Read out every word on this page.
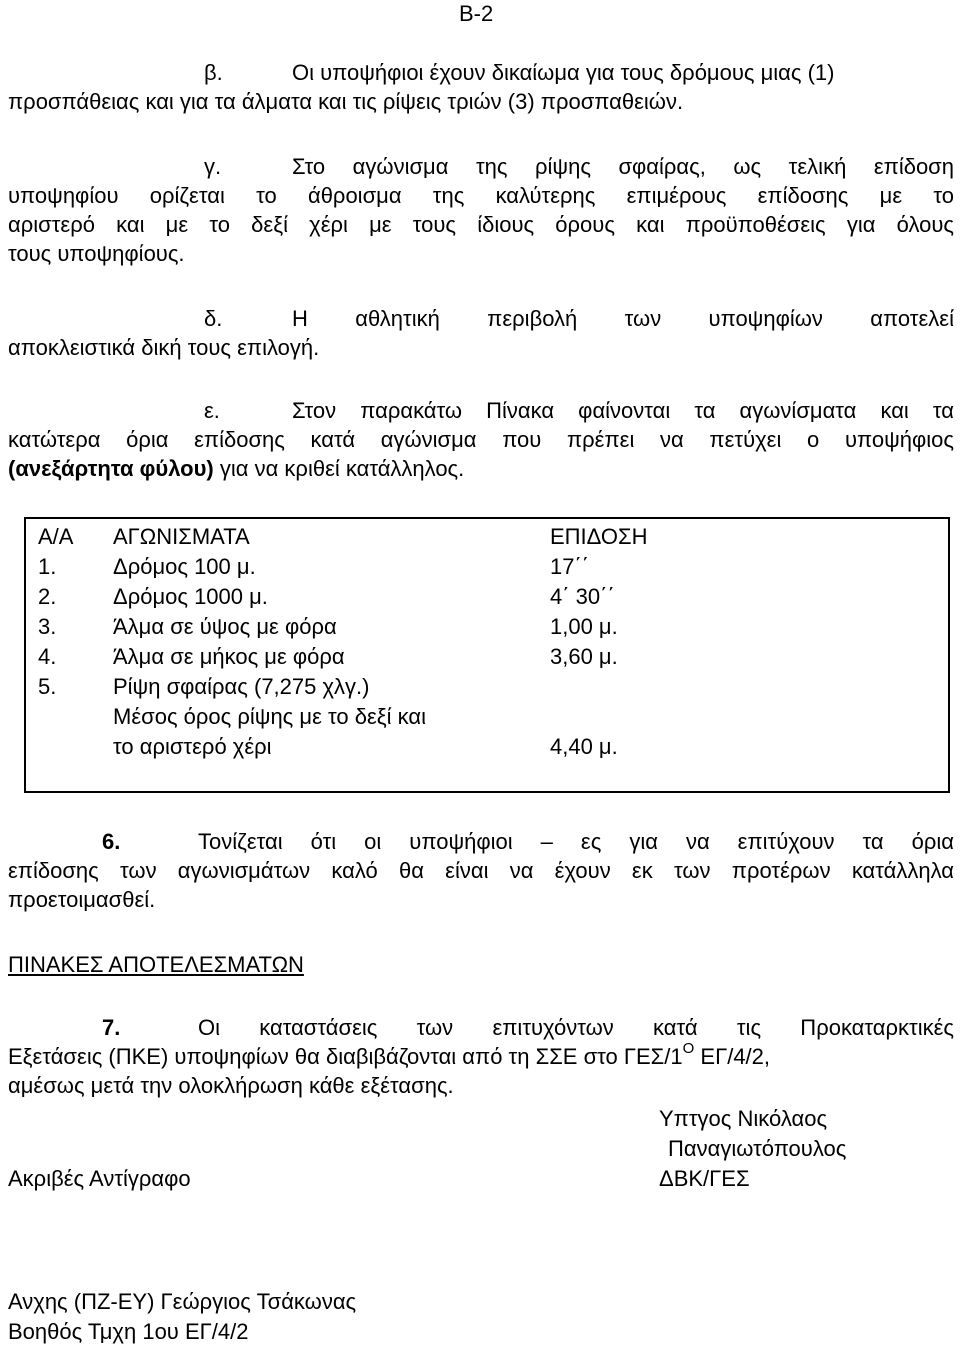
Β-2
β.	Οι υποψήφιοι έχουν δικαίωμα για τους δρόμους μιας (1)

προσπάθειας και για τα άλματα και τις ρίψεις τριών (3) προσπαθειών.
γ.	Στο αγώνισμα της ρίψης σφαίρας, ως τελική επίδοση

υποψηφίου ορίζεται το άθροισμα της καλύτερης επιμέρους επίδοσης με το
αριστερό και με το δεξί χέρι με τους ίδιους όρους και προϋποθέσεις για όλους
τους υποψηφίους.
δ.	Η αθλητική περιβολή των υποψηφίων αποτελεί

αποκλειστικά δική τους επιλογή.
ε.	Στον παρακάτω Πίνακα φαίνονται τα αγωνίσματα και τα

κατώτερα όρια επίδοσης κατά αγώνισμα που πρέπει να πετύχει ο υποψήφιος
(ανεξάρτητα φύλου) για να κριθεί κατάλληλος.
Α/Α ΑΓΩΝΙΣΜΑΤΑ	ΕΠΙΔΟΣΗ
1.	Δρόμος 100 μ.	17΄΄
2.	Δρόμος 1000 μ.	4΄ 30΄΄
3.	Άλμα σε ύψος με φόρα	1,00 μ.
4.	Άλμα σε μήκος με φόρα	3,60 μ.
5.	Ρίψη σφαίρας (7,275 χλγ.)
Μέσος όρος ρίψης με το δεξί και
το αριστερό χέρι	4,40 μ.
6.	Τονίζεται ότι οι υποψήφιοι – ες για να επιτύχουν τα όρια

επίδοσης των αγωνισμάτων καλό θα είναι να έχουν εκ των προτέρων κατάλληλα
προετοιμασθεί.
ΠΙΝΑΚΕΣ ΑΠΟΤΕΛΕΣΜΑΤΩΝ
7.	Οι καταστάσεις των επιτυχόντων κατά τις Προκαταρκτικές

Εξετάσεις (ΠΚΕ) υποψηφίων θα διαβιβάζονται από τη ΣΣΕ στο ΓΕΣ/$1^O$ ΕΓ/4/2,
αμέσως μετά την ολοκλήρωση κάθε εξέτασης.
Υπτγος Νικόλαος
Παναγιωτόπουλος
ΔΒΚ/ΓΕΣ
Ακριβές Αντίγραφο
Ανχης (ΠΖ-ΕΥ) Γεώργιος Τσάκωνας
Βοηθός Τμχη 1ου ΕΓ/4/2
